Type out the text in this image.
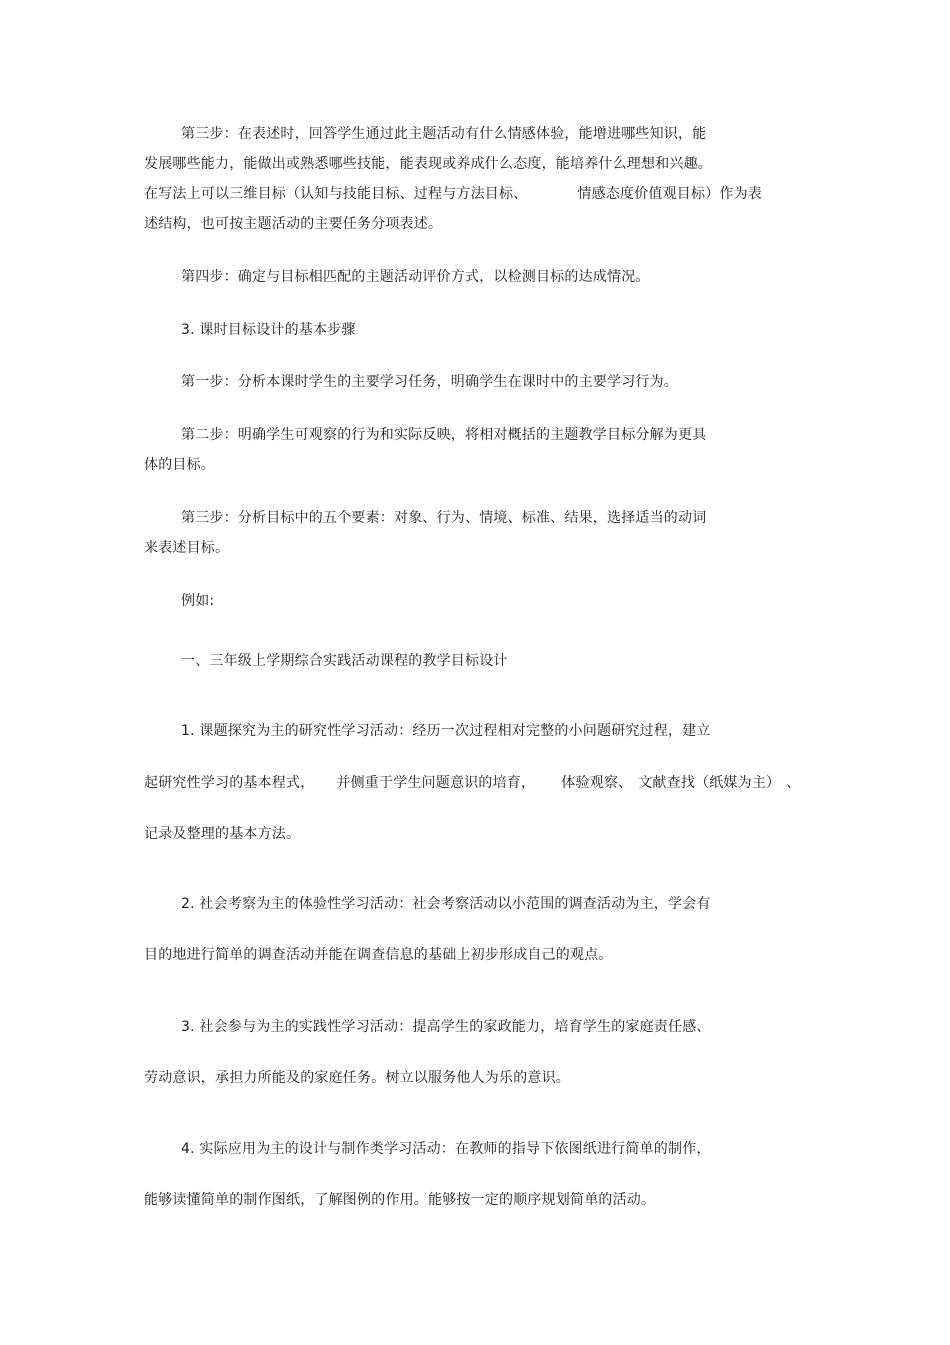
第三步：在表述时，回答学生通过此主题活动有什么情感体验，能增进哪些知识，能
发展哪些能力，能做出或熟悉哪些技能，能表现或养成什么态度，能培养什么理想和兴趣。
在写法上可以三维目标（认知与技能目标、过程与方法目标、	情感态度价值观目标）作为表
述结构，也可按主题活动的主要任务分项表述。
第四步：确定与目标相匹配的主题活动评价方式，以检测目标的达成情况。
3. 课时目标设计的基本步骤
第一步：分析本课时学生的主要学习任务，明确学生在课时中的主要学习行为。
第二步：明确学生可观察的行为和实际反映，将相对概括的主题教学目标分解为更具
体的目标。
第三步：分析目标中的五个要素：对象、行为、情境、标准、结果，选择适当的动词
来表述目标。
例如:
一、三年级上学期综合实践活动课程的教学目标设计
1. 课题探究为主的研究性学习活动：经历一次过程相对完整的小问题研究过程，建立
起研究性学习的基本程式， 并侧重于学生问题意识的培育， 体验观察、 文献查找（纸媒为主） 、
记录及整理的基本方法。
2. 社会考察为主的体验性学习活动：社会考察活动以小范围的调查活动为主，学会有
目的地进行简单的调查活动并能在调查信息的基础上初步形成自己的观点。
3. 社会参与为主的实践性学习活动：提高学生的家政能力，培育学生的家庭责任感、
劳动意识，承担力所能及的家庭任务。树立以服务他人为乐的意识。
4. 实际应用为主的设计与制作类学习活动：在教师的指导下依图纸进行简单的制作，
能够读懂简单的制作图纸，了解图例的作用。能够按一定的顺序规划简单的活动。
